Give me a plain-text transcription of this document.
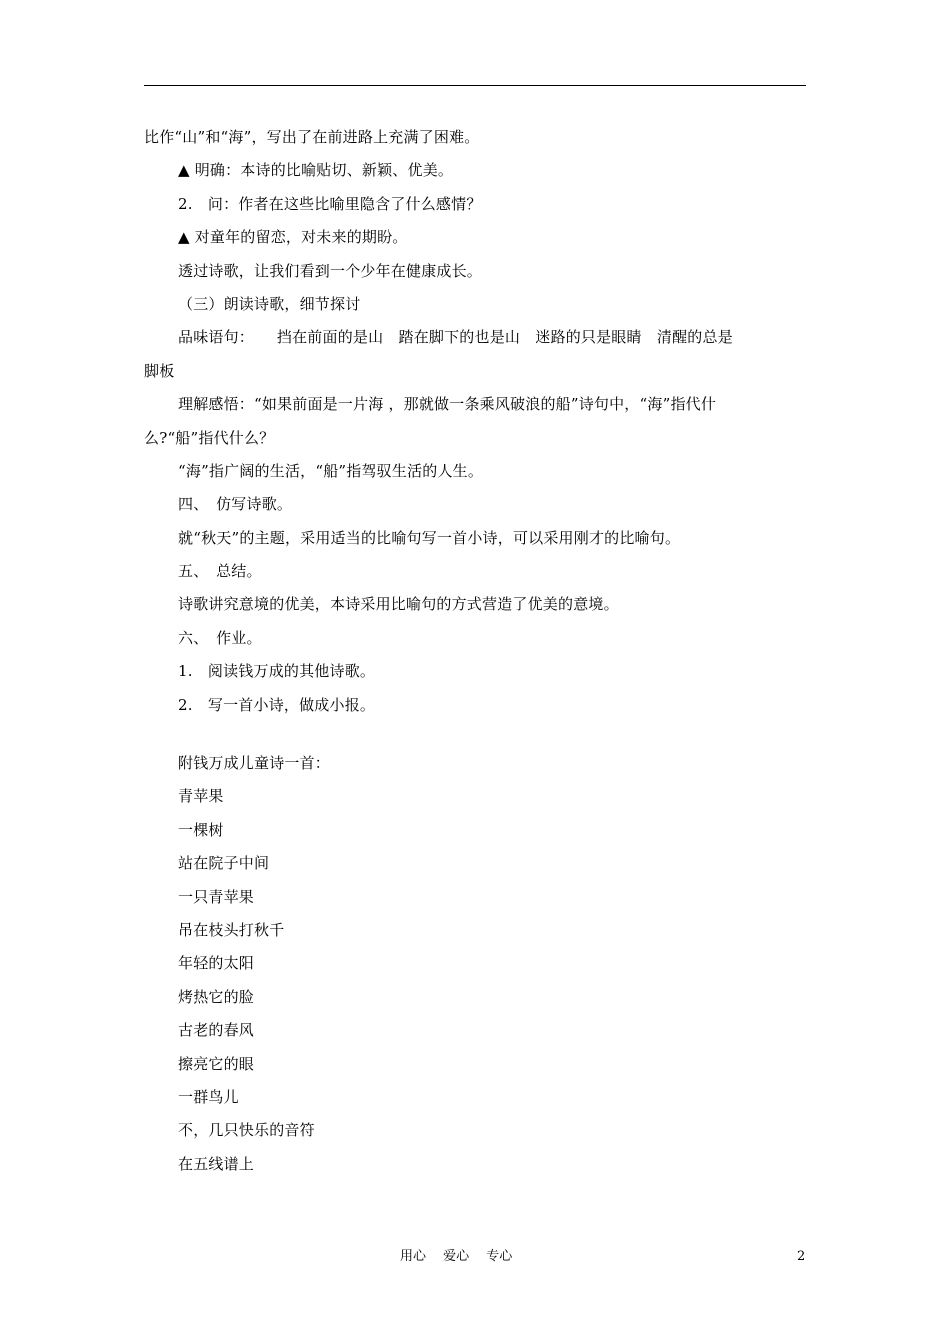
比作“山”和“海”，写出了在前进路上充满了困难。
▲ 明确：本诗的比喻贴切、新颖、优美。
2.　问：作者在这些比喻里隐含了什么感情？
▲ 对童年的留恋，对未来的期盼。
透过诗歌，让我们看到一个少年在健康成长。
（三）朗读诗歌，细节探讨
品味语句：　　挡在前面的是山　踏在脚下的也是山　迷路的只是眼睛　清醒的总是
脚板
理解感悟：“如果前面是一片海 ，那就做一条乘风破浪的船”诗句中，“海”指代什
么?“船”指代什么？
“海”指广阔的生活，“船”指驾驭生活的人生。
四、　仿写诗歌。
就“秋天”的主题，采用适当的比喻句写一首小诗，可以采用刚才的比喻句。
五、　总结。
诗歌讲究意境的优美，本诗采用比喻句的方式营造了优美的意境。
六、　作业。
1.　阅读钱万成的其他诗歌。
2.　写一首小诗，做成小报。
附钱万成儿童诗一首：
青苹果
一棵树
站在院子中间
一只青苹果
吊在枝头打秋千
年轻的太阳
烤热它的脸
古老的春风
擦亮它的眼
一群鸟儿
不，几只快乐的音符
在五线谱上
用心　 爱心　 专心	2
